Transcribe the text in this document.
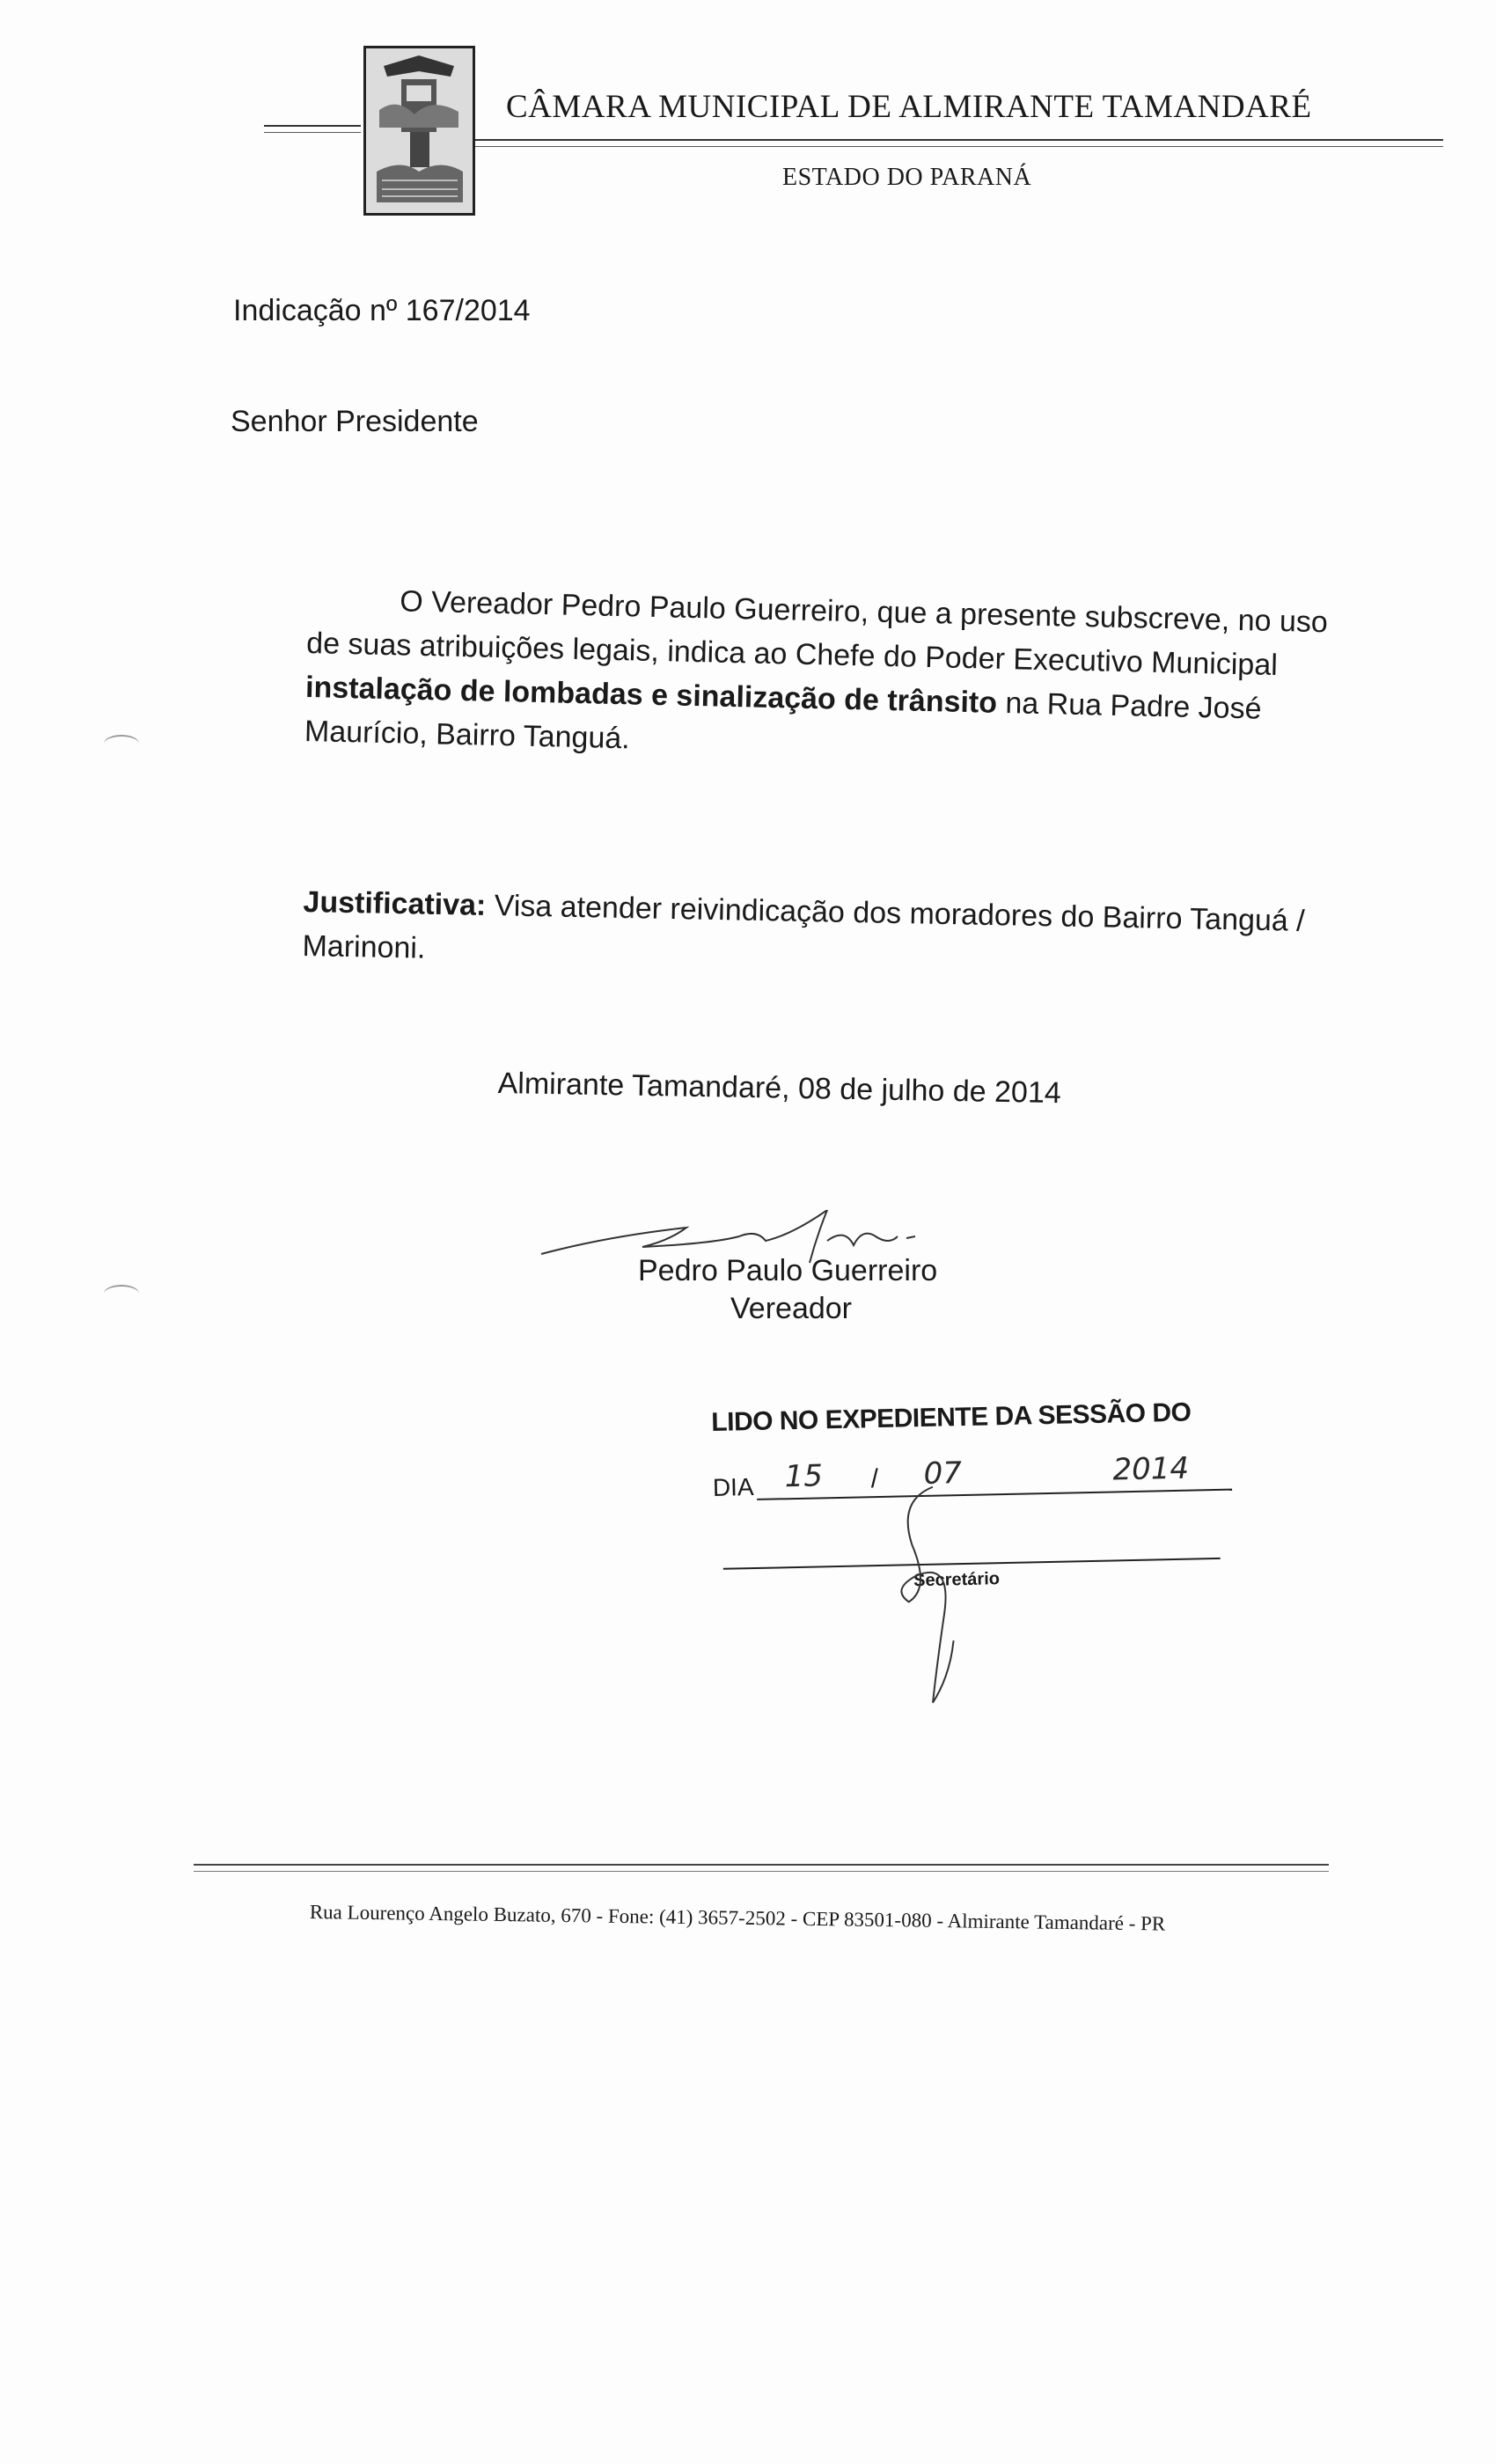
CÂMARA MUNICIPAL DE ALMIRANTE TAMANDARÉ
ESTADO DO PARANÁ
Indicação nº 167/2014
Senhor Presidente
O Vereador Pedro Paulo Guerreiro, que a presente subscreve, no uso
de suas atribuições legais, indica ao Chefe do Poder Executivo Municipal
instalação de lombadas e sinalização de trânsito na Rua Padre José
Maurício, Bairro Tanguá.
Justificativa: Visa atender reivindicação dos moradores do Bairro Tanguá /
Marinoni.
Almirante Tamandaré, 08 de julho de 2014
Pedro Paulo Guerreiro
Vereador
LIDO NO EXPEDIENTE DA SESSÃO DO
DIA 15 / 07	2014
Secretário
Rua Lourenço Angelo Buzato, 670 - Fone: (41) 3657-2502 - CEP 83501-080 - Almirante Tamandaré - PR
